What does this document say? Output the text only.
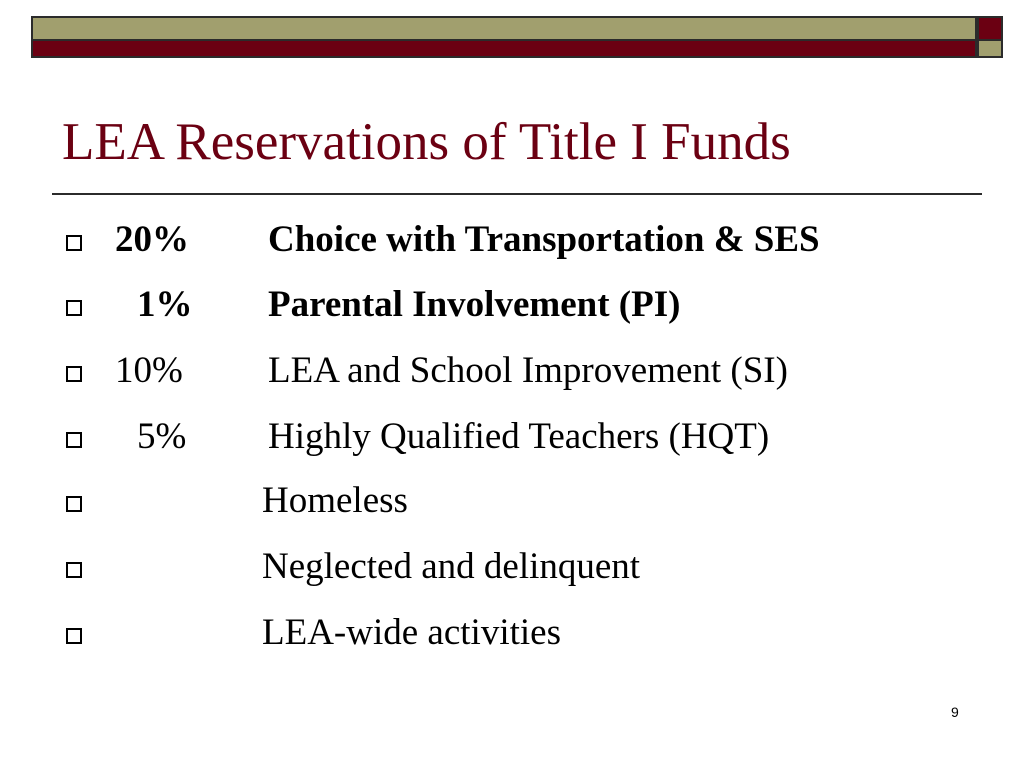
LEA Reservations of Title I Funds
20% Choice with Transportation & SES
1% Parental Involvement (PI)
10% LEA and School Improvement (SI)
5% Highly Qualified Teachers (HQT)
Homeless
Neglected and delinquent
LEA-wide activities
9
